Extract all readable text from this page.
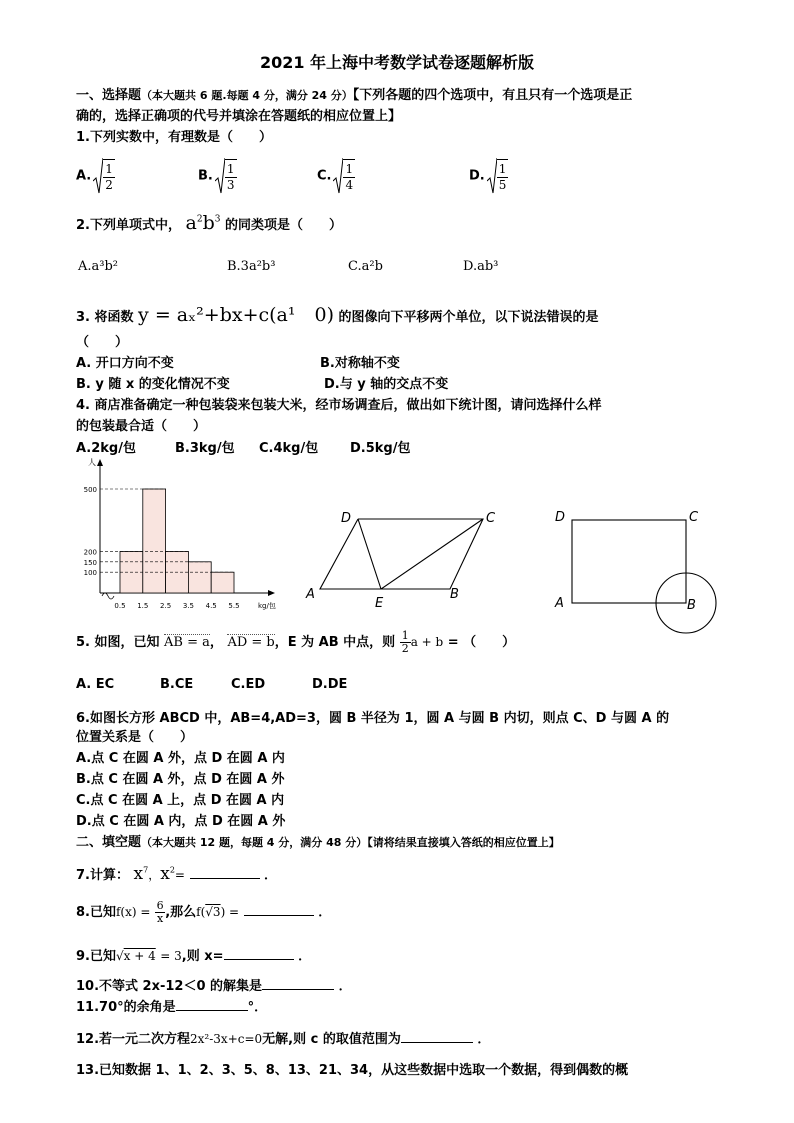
2021 年上海中考数学试卷逐题解析版
一、选择题（本大题共 6 题.每题 4 分，满分 24 分）【下列各题的四个选项中，有且只有一个选项是正
确的，选择正确项的代号并填涂在答题纸的相应位置上】
1.下列实数中，有理数是（　　）
A. $\frac{1}{2}$	B. $\frac{1}{3}$	C. $\frac{1}{4}$	D. $\frac{1}{5}$
2.下列单项式中， $a^2b^3$ 的同类项是（　　）
A.a³b²	B.3a²b³	C.a²b	D.ab³
3. 将函数 y = aₓ²+bx+c(a¹　0) 的图像向下平移两个单位，以下说法错误的是
（　　）
A. 开口方向不变	B.对称轴不变
B. y 随 x 的变化情况不变	D.与 y 轴的交点不变
4. 商店准备确定一种包装袋来包装大米，经市场调查后，做出如下统计图，请问选择什么样
的包装最合适（　　）
A.2kg/包	B.3kg/包 C.4kg/包 D.5kg/包
100
150
200
500
0.5 1.5 2.5 3.5 4.5 5.5
人
kg/包
D	C
A
E
B
D	C
A	B
5. 如图，已知 AB = a， AD = b，E 为 AB 中点，则 $\frac{1}{2}$ a + b = （　　）
A. EC	B.CE	C.ED	D.DE
6.如图长方形 ABCD 中，AB=4,AD=3，圆 B 半径为 1，圆 A 与圆 B 内切，则点 C、D 与圆 A 的
位置关系是（　　）
A.点 C 在圆 A 外，点 D 在圆 A 内
B.点 C 在圆 A 外，点 D 在圆 A 外
C.点 C 在圆 A 上，点 D 在圆 A 内
D.点 C 在圆 A 内，点 D 在圆 A 外
二、填空题（本大题共 12 题，每题 4 分，满分 48 分）【请将结果直接填入答纸的相应位置上】
7.计算： $x^7$，$x^2=$	．
8.已知$f(x) = \frac{6}{x}$ ,那么f(√3) =	．
9.已知√x + 4 = 3,则 x=	．
10.不等式 2x-12＜0 的解集是	．
11.70°的余角是	°．
12.若一元二次方程2x²-3x+c=0无解,则 c 的取值范围为	．
13.已知数据 1、1、2、3、5、8、13、21、34，从这些数据中选取一个数据，得到偶数的概
